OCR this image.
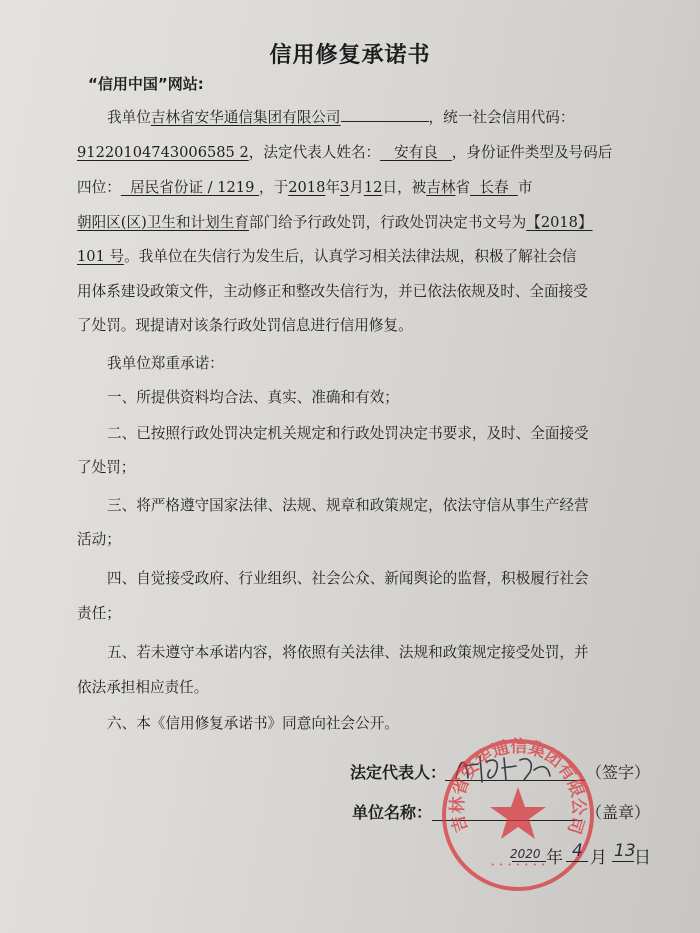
信用修复承诺书
“信用中国”网站:
我单位吉林省安华通信集团有限公司	，统一社会信用代码：
91220104743006585 2，法定代表人姓名： 安有良 ，身份证件类型及号码后
四位： 居民省份证 / 1219 ，于2018年3月12日，被吉林省 长春 市
朝阳区(区)卫生和计划生育部门给予行政处罚，行政处罚决定书文号为【2018】
101 号。我单位在失信行为发生后，认真学习相关法律法规，积极了解社会信
用体系建设政策文件，主动修正和整改失信行为，并已依法依规及时、全面接受
了处罚。现提请对该条行政处罚信息进行信用修复。
我单位郑重承诺：
一、所提供资料均合法、真实、准确和有效；
二、已按照行政处罚决定机关规定和行政处罚决定书要求，及时、全面接受
了处罚；
三、将严格遵守国家法律、法规、规章和政策规定，依法守信从事生产经营
活动；
四、自觉接受政府、行业组织、社会公众、新闻舆论的监督，积极履行社会
责任；
五、若未遵守本承诺内容，将依照有关法律、法规和政策规定接受处罚，并
依法承担相应责任。
六、本《信用修复承诺书》同意向社会公开。
法定代表人：	（签字）
单位名称：	（盖章）
吉林省安华通信集团有限公司
• • • • • • •
2020 年 4 月 13
日
